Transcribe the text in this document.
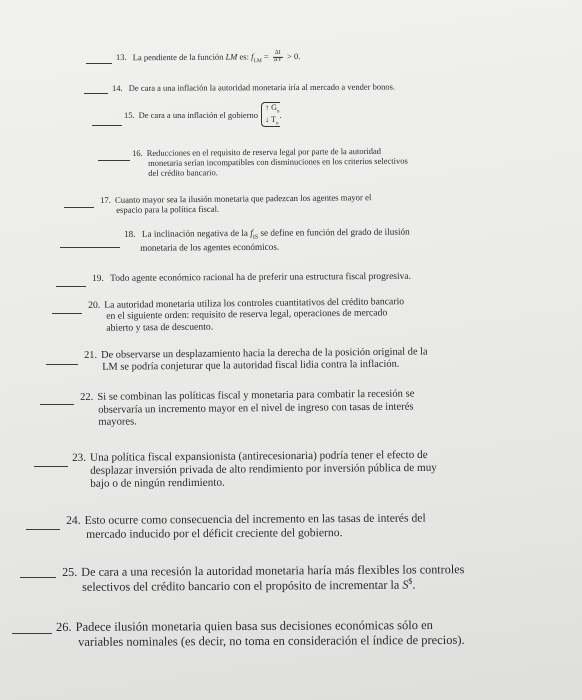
13. La pendiente de la función LM es: $f_{LM} = \frac{\Delta I}{\Delta Y} > 0$.
14. De cara a una inflación la autoridad monetaria iría al mercado a vender bonos.
15. De cara a una inflación el gobierno
↑ $G_o$
↓ $T_o$
.
16. Reducciones en el requisito de reserva legal por parte de la autoridad
monetaria serían incompatibles con disminuciones en los criterios selectivos
del crédito bancario.
17. Cuanto mayor sea la ilusión monetaria que padezcan los agentes mayor el
espacio para la política fiscal.
18. La inclinación negativa de la $f_{IS}$ se define en función del grado de ilusión
monetaria de los agentes económicos.
19. Todo agente económico racional ha de preferir una estructura fiscal progresiva.
20. La autoridad monetaria utiliza los controles cuantitativos del crédito bancario
en el siguiente orden: requisito de reserva legal, operaciones de mercado
abierto y tasa de descuento.
21. De observarse un desplazamiento hacia la derecha de la posición original de la
LM se podría conjeturar que la autoridad fiscal lidia contra la inflación.
22. Si se combinan las políticas fiscal y monetaria para combatir la recesión se
observaría un incremento mayor en el nivel de ingreso con tasas de interés
mayores.
23. Una política fiscal expansionista (antirecesionaria) podría tener el efecto de
desplazar inversión privada de alto rendimiento por inversión pública de muy
bajo o de ningún rendimiento.
24. Esto ocurre como consecuencia del incremento en las tasas de interés del
mercado inducido por el déficit creciente del gobierno.
25. De cara a una recesión la autoridad monetaria haría más flexibles los controles
selectivos del crédito bancario con el propósito de incrementar la S$.
26. Padece ilusión monetaria quien basa sus decisiones económicas sólo en
variables nominales (es decir, no toma en consideración el índice de precios).
